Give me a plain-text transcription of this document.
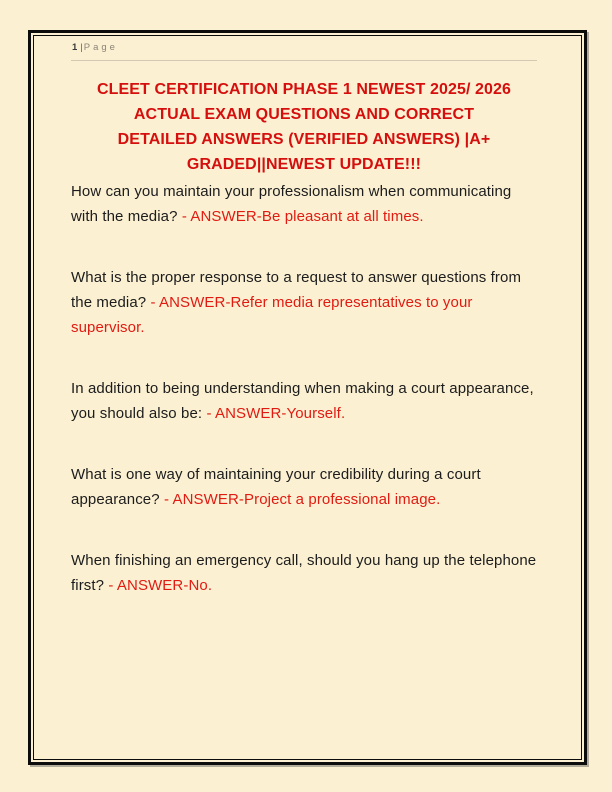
1 |Page
CLEET CERTIFICATION PHASE 1 NEWEST 2025/ 2026
ACTUAL EXAM QUESTIONS AND CORRECT
DETAILED ANSWERS (VERIFIED ANSWERS) |A+
GRADED||NEWEST UPDATE!!!

How can you maintain your professionalism when communicating with the media? - ANSWER-Be pleasant at all times.

What is the proper response to a request to answer questions from the media? - ANSWER-Refer media representatives to your supervisor.

In addition to being understanding when making a court appearance, you should also be: - ANSWER-Yourself.

What is one way of maintaining your credibility during a court appearance? - ANSWER-Project a professional image.

When finishing an emergency call, should you hang up the telephone first? - ANSWER-No.
